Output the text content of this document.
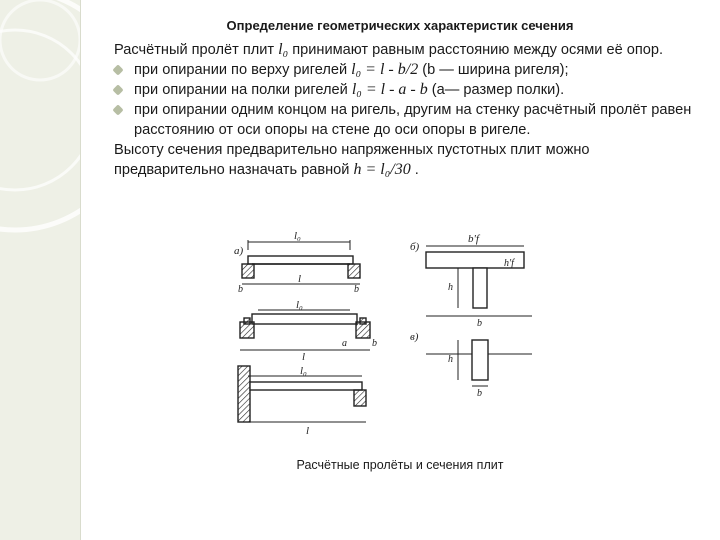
Определение геометрических характеристик сечения

Расчётный пролёт плит l₀ принимают равным расстоянию между осями её опор.

при опирании по верху ригелей l₀ = l - b/2 (b — ширина ригеля);
при опирании на полки ригелей l₀ = l - a - b (a— размер полки).
при опирании одним концом на ригель, другим на стенку расчётный пролёт равен расстоянию от оси опоры на стене до оси опоры в ригеле.

Высоту сечения предварительно напряженных пустотных плит можно предварительно назначать равной h = l₀/30 .

а)
l₀
l
b	b
l₀
l
a	b
l₀
l
б)
b'f
h'f
h
b
в)
h
b
Расчётные пролёты и сечения плит
